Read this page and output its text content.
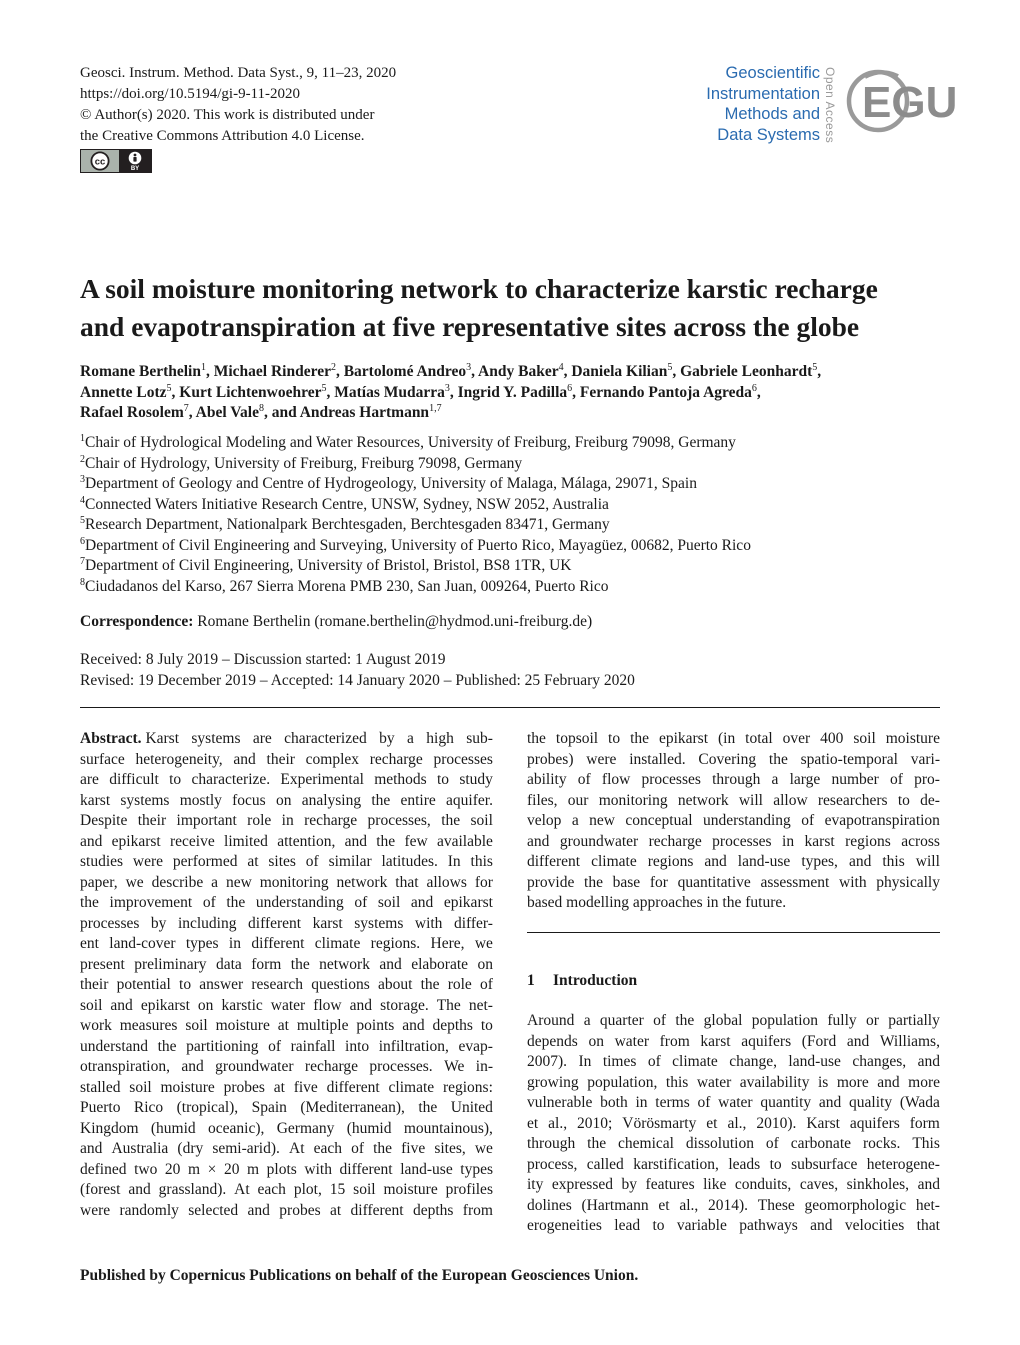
Geosci. Instrum. Method. Data Syst., 9, 11–23, 2020
https://doi.org/10.5194/gi-9-11-2020
© Author(s) 2020. This work is distributed under
the Creative Commons Attribution 4.0 License.
cc
BY
Geoscientific
Instrumentation
Methods and
Data Systems Open Access EGU
A soil moisture monitoring network to characterize karstic recharge
and evapotranspiration at five representative sites across the globe
Romane Berthelin$^1$, Michael Rinderer$^2$, Bartolomé Andreo$^3$, Andy Baker$^4$, Daniela Kilian$^5$, Gabriele Leonhardt$^5$,
Annette Lotz$^5$, Kurt Lichtenwoehrer$^5$, Matías Mudarra$^3$, Ingrid Y. Padilla$^6$, Fernando Pantoja Agreda$^6$,
Rafael Rosolem$^7$, Abel Vale$^8$, and Andreas Hartmann$^{1,7}$
$^1$Chair of Hydrological Modeling and Water Resources, University of Freiburg, Freiburg 79098, Germany
$^2$Chair of Hydrology, University of Freiburg, Freiburg 79098, Germany
$^3$Department of Geology and Centre of Hydrogeology, University of Malaga, Málaga, 29071, Spain
$^4$Connected Waters Initiative Research Centre, UNSW, Sydney, NSW 2052, Australia
$^5$Research Department, Nationalpark Berchtesgaden, Berchtesgaden 83471, Germany
$^6$Department of Civil Engineering and Surveying, University of Puerto Rico, Mayagüez, 00682, Puerto Rico
$^7$Department of Civil Engineering, University of Bristol, Bristol, BS8 1TR, UK
$^8$Ciudadanos del Karso, 267 Sierra Morena PMB 230, San Juan, 009264, Puerto Rico
Correspondence: Romane Berthelin (romane.berthelin@hydmod.uni-freiburg.de)
Received: 8 July 2019 – Discussion started: 1 August 2019
Revised: 19 December 2019 – Accepted: 14 January 2020 – Published: 25 February 2020
Abstract. Karst systems are characterized by a high sub-
surface heterogeneity, and their complex recharge processes
are difficult to characterize. Experimental methods to study
karst systems mostly focus on analysing the entire aquifer.
Despite their important role in recharge processes, the soil
and epikarst receive limited attention, and the few available
studies were performed at sites of similar latitudes. In this
paper, we describe a new monitoring network that allows for
the improvement of the understanding of soil and epikarst
processes by including different karst systems with differ-
ent land-cover types in different climate regions. Here, we
present preliminary data form the network and elaborate on
their potential to answer research questions about the role of
soil and epikarst on karstic water flow and storage. The net-
work measures soil moisture at multiple points and depths to
understand the partitioning of rainfall into infiltration, evap-
otranspiration, and groundwater recharge processes. We in-
stalled soil moisture probes at five different climate regions:
Puerto Rico (tropical), Spain (Mediterranean), the United
Kingdom (humid oceanic), Germany (humid mountainous),
and Australia (dry semi-arid). At each of the five sites, we
defined two 20 m × 20 m plots with different land-use types
(forest and grassland). At each plot, 15 soil moisture profiles
were randomly selected and probes at different depths from
the topsoil to the epikarst (in total over 400 soil moisture
probes) were installed. Covering the spatio-temporal vari-
ability of flow processes through a large number of pro-
files, our monitoring network will allow researchers to de-
velop a new conceptual understanding of evapotranspiration
and groundwater recharge processes in karst regions across
different climate regions and land-use types, and this will
provide the base for quantitative assessment with physically
based modelling approaches in the future.
1 Introduction
Around a quarter of the global population fully or partially
depends on water from karst aquifers (Ford and Williams,
2007). In times of climate change, land-use changes, and
growing population, this water availability is more and more
vulnerable both in terms of water quantity and quality (Wada
et al., 2010; Vörösmarty et al., 2010). Karst aquifers form
through the chemical dissolution of carbonate rocks. This
process, called karstification, leads to subsurface heterogene-
ity expressed by features like conduits, caves, sinkholes, and
dolines (Hartmann et al., 2014). These geomorphologic het-
erogeneities lead to variable pathways and velocities that
Published by Copernicus Publications on behalf of the European Geosciences Union.
